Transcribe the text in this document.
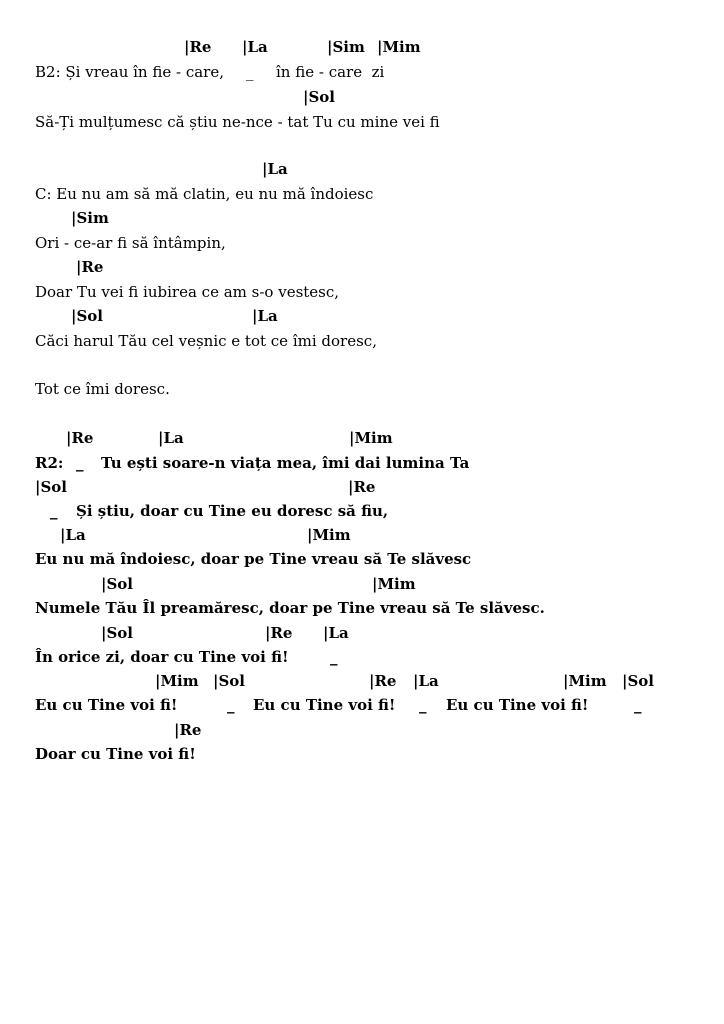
|Re |La	|Sim |Mim
B2: Și vreau în fie - care, _ în fie - care  zi
|Sol
Să-Ți mulțumesc că știu ne-nce - tat Tu cu mine vei fi
|La
C: Eu nu am să mă clatin, eu nu mă îndoiesc
|Sim
Ori - ce-ar fi să întâmpin,
|Re
Doar Tu vei fi iubirea ce am s-o vestesc,
|Sol	|La
Căci harul Tău cel veșnic e tot ce îmi doresc,
Tot ce îmi doresc.
|Re	|La	|Mim
R2: _ Tu ești soare-n viața mea, îmi dai lumina Ta
|Sol	|Re
_ Și știu, doar cu Tine eu doresc să fiu,
|La	|Mim
Eu nu mă îndoiesc, doar pe Tine vreau să Te slăvesc
|Sol	|Mim
Numele Tău Îl preamăresc, doar pe Tine vreau să Te slăvesc.
|Sol	|Re |La
În orice zi, doar cu Tine voi fi!	_
|Mim |Sol	|Re |La	|Mim |Sol
Eu cu Tine voi fi!	_ Eu cu Tine voi fi! _ Eu cu Tine voi fi!	_
|Re
Doar cu Tine voi fi!
